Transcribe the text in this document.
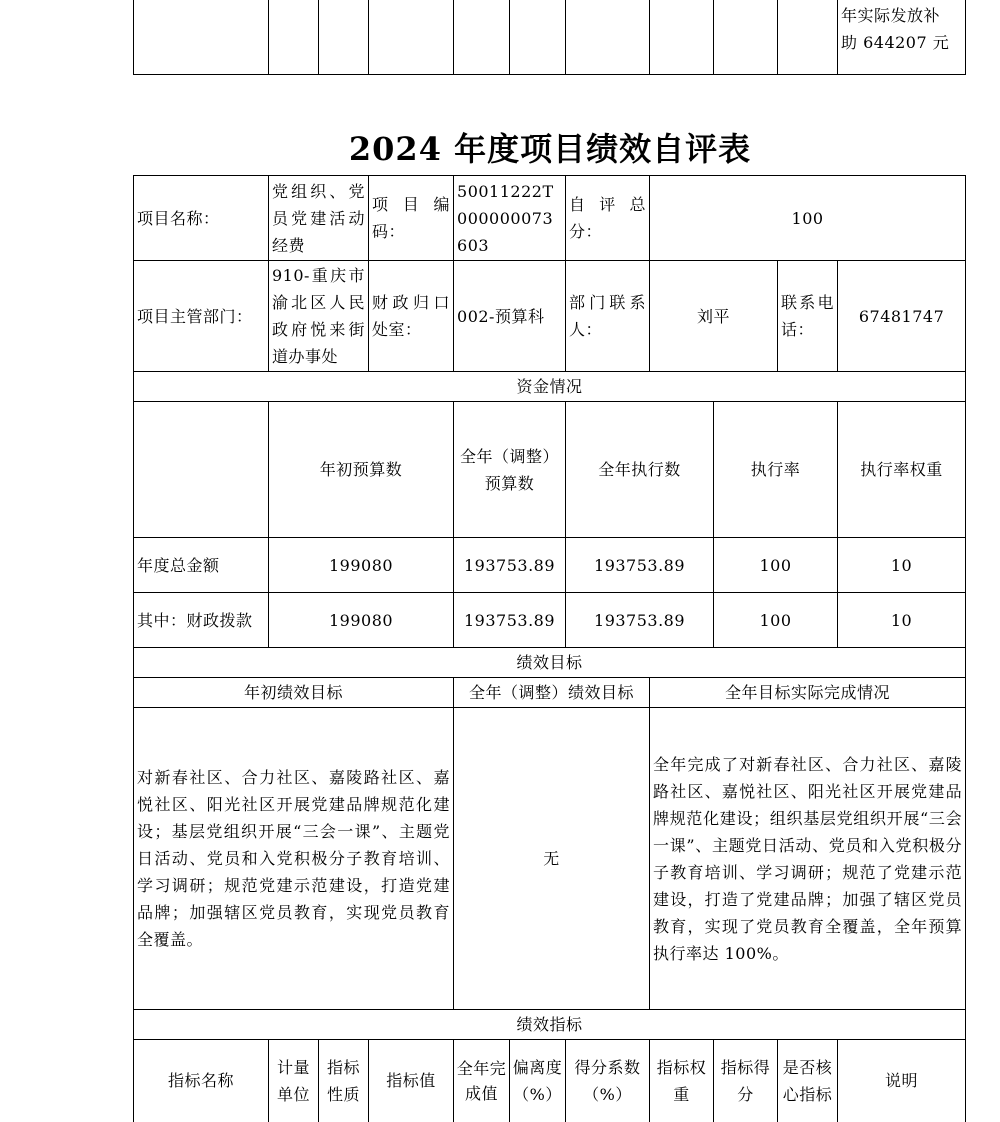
年实际发放补
助 644207 元
2024 年度项目绩效自评表
项目名称：	党组织、党员党建活动经费		项目编码：	50011222T000000073603		自评总分：	100				
项目主管部门：	910-重庆市渝北区人民政府悦来街道办事处		财政归口处室：	002-预算科		部门联系人：	刘平		联系电话：	67481747	
资金情况											
	年初预算数			全年（调整）预算数		全年执行数		执行率		执行率权重	
年度总金额	199080			193753.89		193753.89		100		10	
其中：财政拨款	199080			193753.89		193753.89		100		10	
绩效目标											
年初绩效目标				全年（调整）绩效目标			全年目标实际完成情况				
对新春社区、合力社区、嘉陵路社区、嘉悦社区、阳光社区开展党建品牌规范化建设；基层党组织开展“三会一课”、主题党日活动、党员和入党积极分子教育培训、学习调研；规范党建示范建设，打造党建品牌；加强辖区党员教育，实现党员教育全覆盖。				无			全年完成了对新春社区、合力社区、嘉陵路社区、嘉悦社区、阳光社区开展党建品牌规范化建设；组织基层党组织开展“三会一课”、主题党日活动、党员和入党积极分子教育培训、学习调研；规范了党建示范建设，打造了党建品牌；加强了辖区党员教育，实现了党员教育全覆盖，全年预算执行率达 100%。				
绩效指标											
指标名称	计量单位	指标性质	指标值	全年完成值	偏离度（%）	得分系数（%）	指标权重	指标得分	是否核心指标	说明	
